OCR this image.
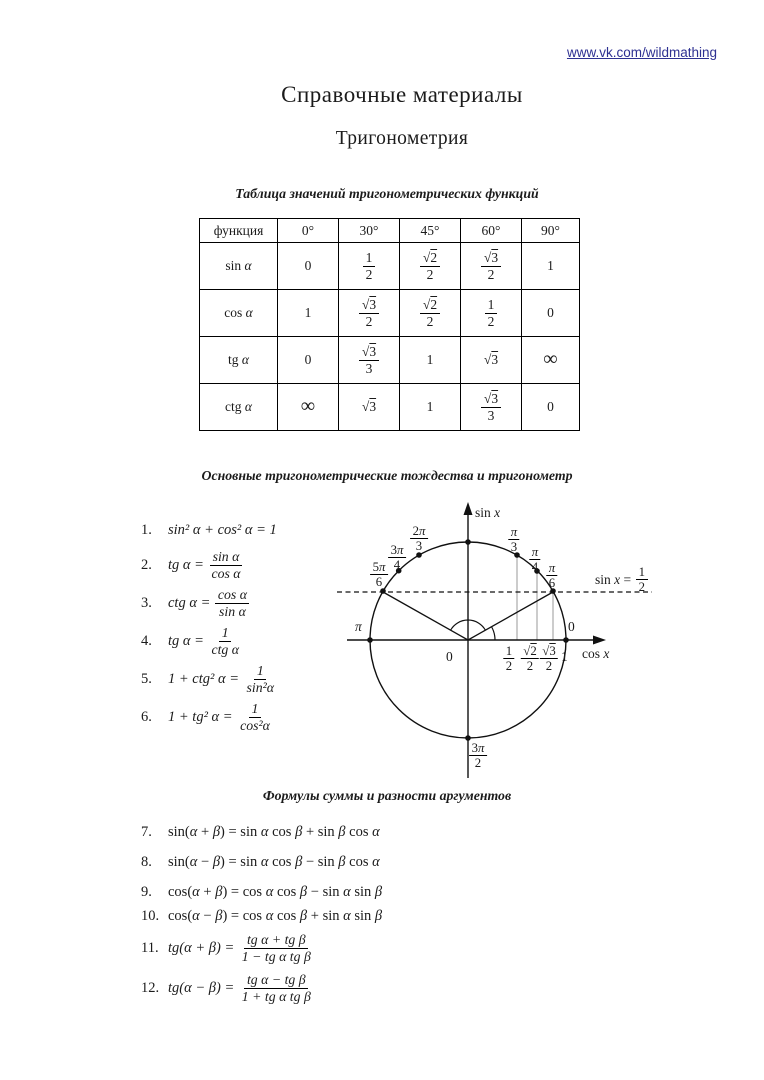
www.vk.com/wildmathing
Справочные материалы
Тригонометрия
Таблица значений тригонометрических функций
функция	0°	30°	45°	60°	90°
sin α	0	$\frac{1}{2}$	$\frac{√2}{2}$	$\frac{√3}{2}$	1
cos α	1	$\frac{√3}{2}$	$\frac{√2}{2}$	$\frac{1}{2}$	0
tg α	0	$\frac{√3}{3}$	1	√3	∞
ctg α	∞	√3	1	$\frac{√3}{3}$	0
Основные тригонометрические тождества и тригонометр
1.	sin² α + cos² α = 1
2.	tg $\alpha = \frac{\text{sin α}}{\text{cos α}}$
3.	ctg $\alpha = \frac{\text{cos α}}{\text{sin α}}$
4.	tg $\alpha = \frac{1}{\text{ctg α}}$
5.	1 + ctg² $\alpha = \frac{1}{\text{sin²α}}$
6.	1 + tg² $\alpha = \frac{1}{\text{cos²α}}$
sin x
cos x
0
π	0
1
$\frac{1}{2} \frac{√2}{2} \frac{√3}{2}$
$\frac{\pi}{3}$
$\frac{\pi}{4}$
$\frac{\pi}{6}$
$\frac{2\pi}{3}$
$\frac{3\pi}{4}$
$\frac{5\pi}{6}$
$\frac{3\pi}{2}$
$\sin x = \frac{1}{2}$
Формулы суммы и разности аргументов
7.	sin(α + β) = sin α cos β + sin β cos α
8.	sin(α − β) = sin α cos β − sin β cos α
9.	cos(α + β) = cos α cos β − sin α sin β
10. cos(α − β) = cos α cos β + sin α sin β
11. $tg(\alpha + \beta) = \frac{\text{tg α + tg β}}{\text{1 − tg α tg β}}$
12. $tg(\alpha - \beta) = \frac{\text{tg α − tg β}}{\text{1 + tg α tg β}}$
